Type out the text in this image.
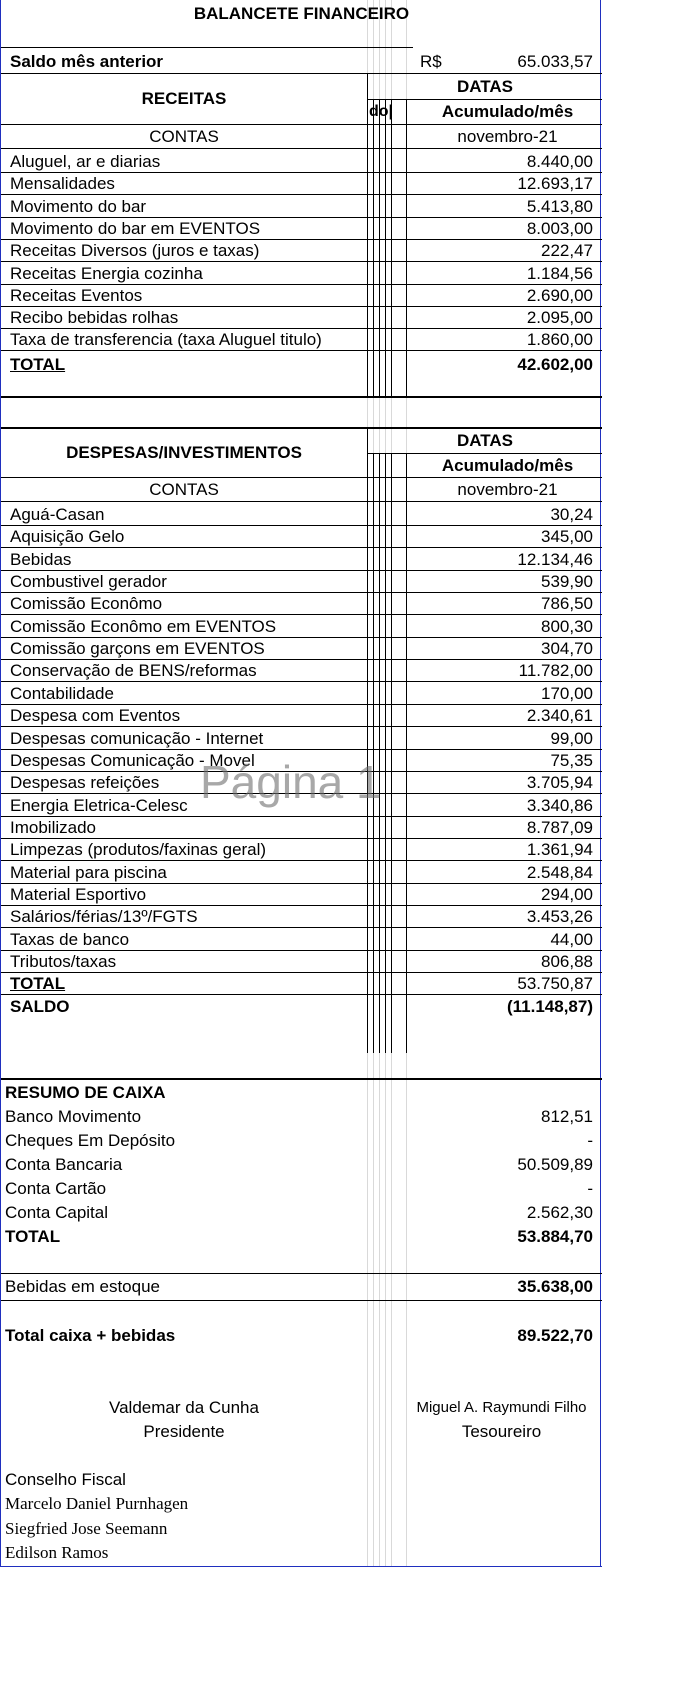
BALANCETE FINANCEIRO
Saldo mês anterior	R$	65.033,57
RECEITAS
DATAS
do|	Acumulado/mês
CONTAS	novembro-21
Aluguel, ar e diarias	8.440,00
Mensalidades	12.693,17
Movimento do bar	5.413,80
Movimento do bar em EVENTOS	8.003,00
Receitas Diversos (juros e taxas)	222,47
Receitas Energia cozinha	1.184,56
Receitas Eventos	2.690,00
Recibo bebidas rolhas	2.095,00
Taxa de transferencia (taxa Aluguel titulo)	1.860,00
TOTAL	42.602,00
DESPESAS/INVESTIMENTOS
DATAS
Acumulado/mês
CONTAS	novembro-21
Aguá-Casan	30,24
Aquisição Gelo	345,00
Bebidas	12.134,46
Combustivel gerador	539,90
Comissão Econômo	786,50
Comissão Econômo em EVENTOS	800,30
Comissão garçons em EVENTOS	304,70
Conservação de BENS/reformas	11.782,00
Contabilidade	170,00
Despesa com Eventos	2.340,61
Despesas comunicação - Internet	99,00
Despesas Comunicação - Movel	75,35
Despesas refeições	3.705,94
Energia Eletrica-Celesc	3.340,86
Imobilizado	8.787,09
Limpezas (produtos/faxinas geral)	1.361,94
Material para piscina	2.548,84
Material Esportivo	294,00
Salários/férias/13º/FGTS	3.453,26
Taxas de banco	44,00
Tributos/taxas	806,88
TOTAL	53.750,87
SALDO	(11.148,87)
RESUMO DE CAIXA
Banco Movimento	812,51
Cheques Em Depósito	-
Conta Bancaria	50.509,89
Conta Cartão	-
Conta Capital	2.562,30
TOTAL	53.884,70
Bebidas em estoque	35.638,00
Total caixa + bebidas	89.522,70
Valdemar da Cunha	Miguel A. Raymundi Filho
Presidente	Tesoureiro
Conselho Fiscal
Marcelo Daniel Purnhagen
Siegfried Jose Seemann
Edilson Ramos
Página 1
